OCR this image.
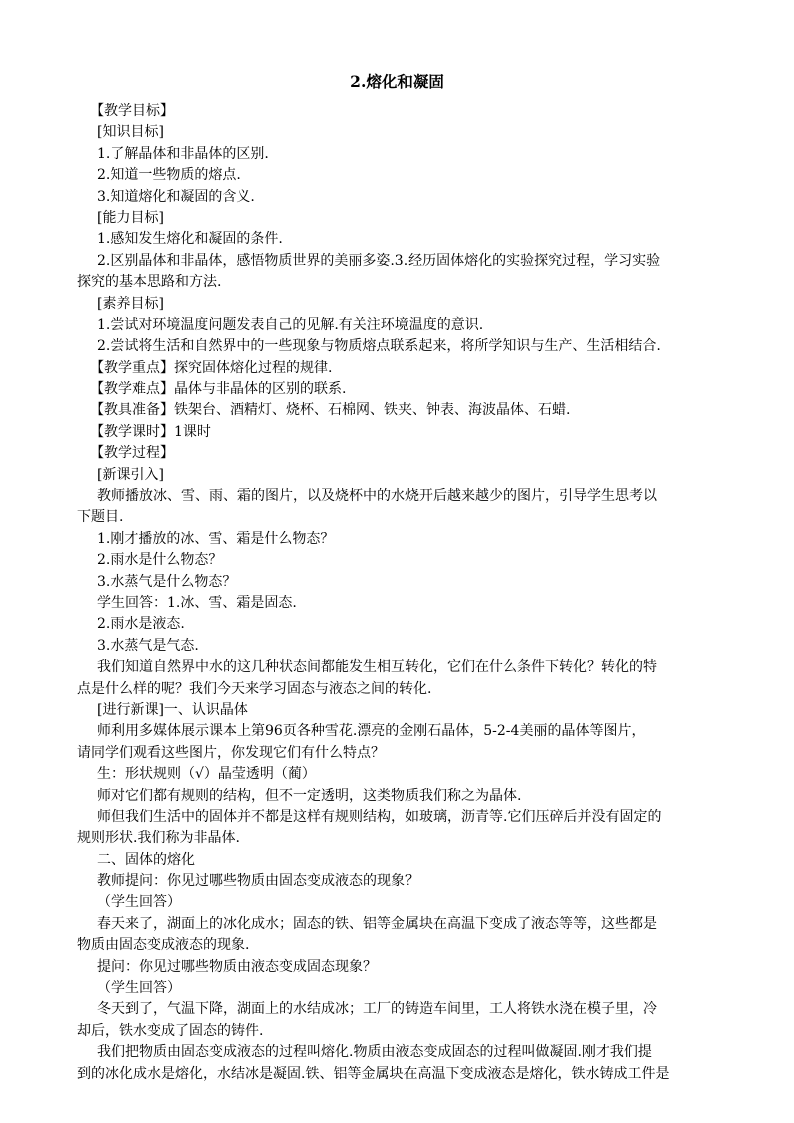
2.熔化和凝固
【教学目标】
[知识目标]
1.了解晶体和非晶体的区别.
2.知道一些物质的熔点.
3.知道熔化和凝固的含义.
[能力目标]
1.感知发生熔化和凝固的条件.
2.区别晶体和非晶体，感悟物质世界的美丽多姿.3.经历固体熔化的实验探究过程，学习实验
探究的基本思路和方法.
[素养目标]
1.尝试对环境温度问题发表自己的见解.有关注环境温度的意识.
2.尝试将生活和自然界中的一些现象与物质熔点联系起来，将所学知识与生产、生活相结合.
【教学重点】探究固体熔化过程的规律.
【教学难点】晶体与非晶体的区别的联系.
【教具准备】铁架台、酒精灯、烧杯、石棉网、铁夹、钟表、海波晶体、石蜡.
【教学课时】1课时
【教学过程】
[新课引入]
教师播放冰、雪、雨、霜的图片，以及烧杯中的水烧开后越来越少的图片，引导学生思考以
下题目.
1.刚才播放的冰、雪、霜是什么物态？
2.雨水是什么物态？
3.水蒸气是什么物态？
学生回答：1.冰、雪、霜是固态.
2.雨水是液态.
3.水蒸气是气态.
我们知道自然界中水的这几种状态间都能发生相互转化，它们在什么条件下转化？转化的特
点是什么样的呢？我们今天来学习固态与液态之间的转化.
[进行新课]一、认识晶体
师利用多媒体展示课本上第96页各种雪花.漂亮的金刚石晶体，5-2-4美丽的晶体等图片，
请同学们观看这些图片，你发现它们有什么特点？
生：形状规则（√）晶莹透明（蔺）
师对它们都有规则的结构，但不一定透明，这类物质我们称之为晶体.
师但我们生活中的固体并不都是这样有规则结构，如玻璃，沥青等.它们压碎后并没有固定的
规则形状.我们称为非晶体.
二、固体的熔化
教师提问：你见过哪些物质由固态变成液态的现象？
（学生回答）
春天来了，湖面上的冰化成水；固态的铁、铝等金属块在高温下变成了液态等等，这些都是
物质由固态变成液态的现象.
提问：你见过哪些物质由液态变成固态现象？
（学生回答）
冬天到了，气温下降，湖面上的水结成冰；工厂的铸造车间里，工人将铁水浇在模子里，冷
却后，铁水变成了固态的铸件.
我们把物质由固态变成液态的过程叫熔化.物质由液态变成固态的过程叫做凝固.刚才我们提
到的冰化成水是熔化，水结冰是凝固.铁、铝等金属块在高温下变成液态是熔化，铁水铸成工件是
